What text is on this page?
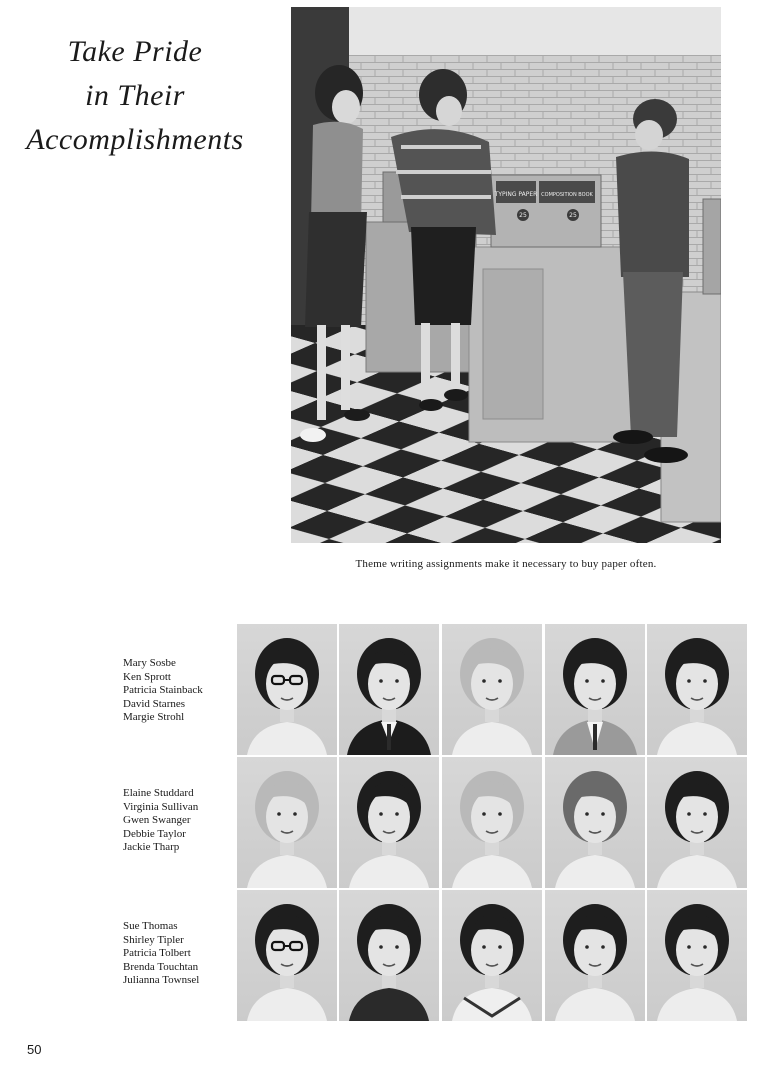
Take Pride
in Their
Accomplishments
TYPING PAPER COMPOSITION BOOK
25	25
Theme writing assignments make it necessary to buy paper often.
Mary Sosbe
Ken Sprott
Patricia Stainback
David Starnes
Margie Strohl
Elaine Studdard
Virginia Sullivan
Gwen Swanger
Debbie Taylor
Jackie Tharp
Sue Thomas
Shirley Tipler
Patricia Tolbert
Brenda Touchtan
Julianna Townsel
50
